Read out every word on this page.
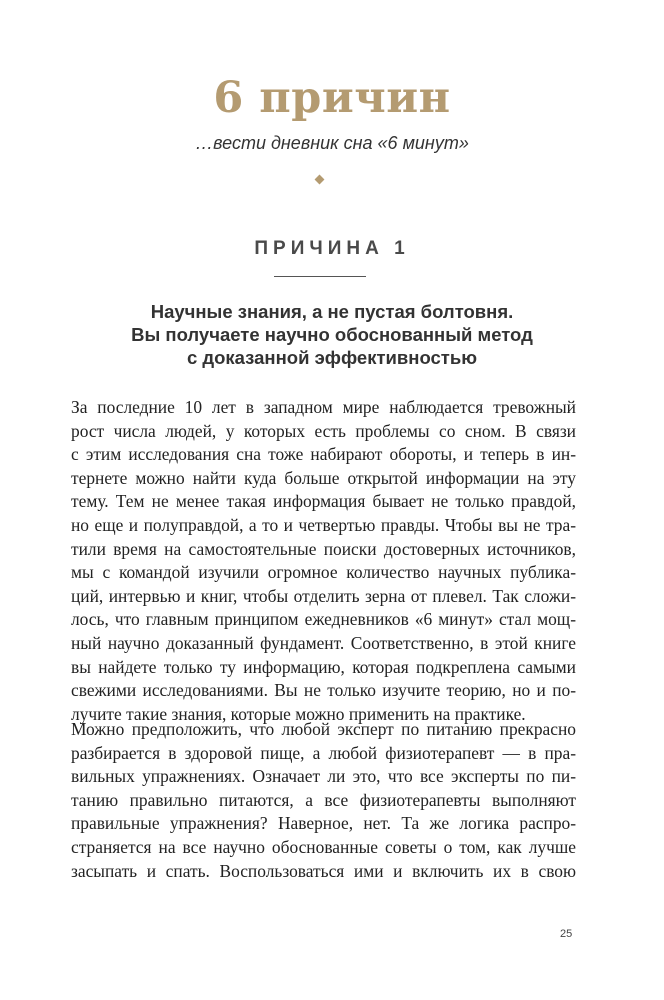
6 причин
…вести дневник сна «6 минут»
ПРИЧИНА 1
Научные знания, а не пустая болтовня.
Вы получаете научно обоснованный метод
с доказанной эффективностью
За последние 10 лет в западном мире наблюдается тревожный
рост числа людей, у которых есть проблемы со сном. В связи
с этим исследования сна тоже набирают обороты, и теперь в ин-
тернете можно найти куда больше открытой информации на эту
тему. Тем не менее такая информация бывает не только правдой,
но еще и полуправдой, а то и четвертью правды. Чтобы вы не тра-
тили время на самостоятельные поиски достоверных источников,
мы с командой изучили огромное количество научных публика-
ций, интервью и книг, чтобы отделить зерна от плевел. Так сложи-
лось, что главным принципом ежедневников «6 минут» стал мощ-
ный научно доказанный фундамент. Соответственно, в этой книге
вы найдете только ту информацию, которая подкреплена самыми
свежими исследованиями. Вы не только изучите теорию, но и по-
лучите такие знания, которые можно применить на практике.
Можно предположить, что любой эксперт по питанию прекрасно
разбирается в здоровой пище, а любой физиотерапевт — в пра-
вильных упражнениях. Означает ли это, что все эксперты по пи-
танию правильно питаются, а все физиотерапевты выполняют
правильные упражнения? Наверное, нет. Та же логика распро-
страняется на все научно обоснованные советы о том, как лучше
засыпать и спать. Воспользоваться ими и включить их в свою
25
